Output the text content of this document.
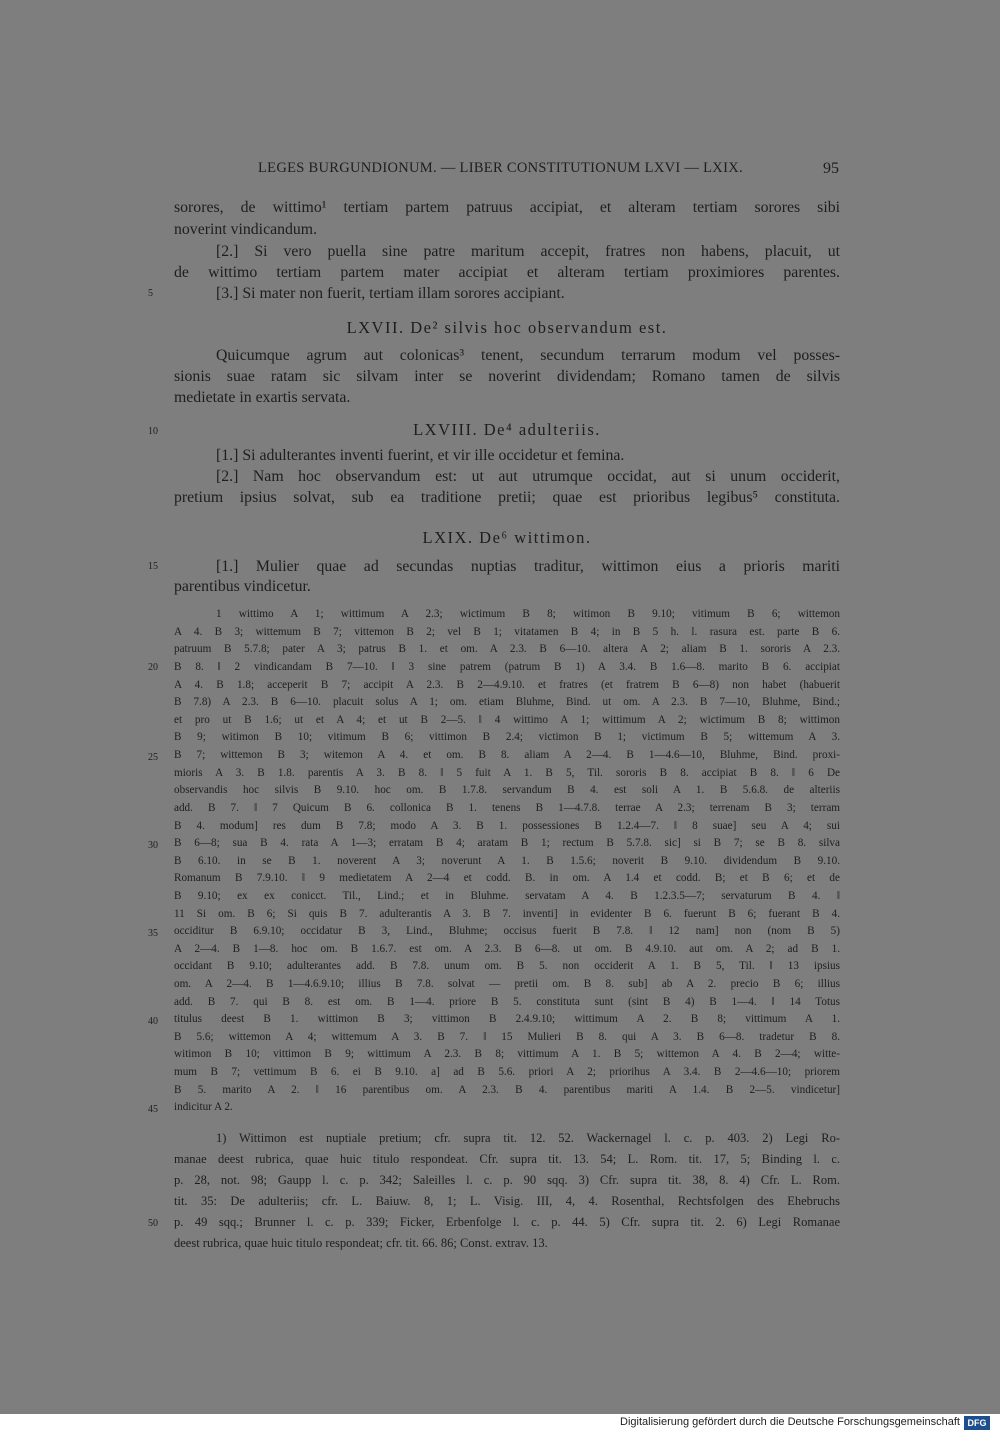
LEGES BURGUNDIONUM. — LIBER CONSTITUTIONUM LXVI — LXIX.	95
sorores, de wittimo¹ tertiam partem patruus accipiat, et alteram tertiam sorores sibi
noverint vindicandum.
[2.] Si vero puella sine patre maritum accepit, fratres non habens, placuit, ut
de wittimo tertiam partem mater accipiat et alteram tertiam proximiores parentes.
[3.] Si mater non fuerit, tertiam illam sorores accipiant.
LXVII. De² silvis hoc observandum est.
Quicumque agrum aut colonicas³ tenent, secundum terrarum modum vel posses-
sionis suae ratam sic silvam inter se noverint dividendam; Romano tamen de silvis
medietate in exartis servata.
LXVIII. De⁴ adulteriis.
[1.] Si adulterantes inventi fuerint, et vir ille occidetur et femina.
[2.] Nam hoc observandum est: ut aut utrumque occidat, aut si unum occiderit,
pretium ipsius solvat, sub ea traditione pretii; quae est prioribus legibus⁵ constituta.
LXIX. De⁶ wittimon.
[1.] Mulier quae ad secundas nuptias traditur, wittimon eius a prioris mariti
parentibus vindicetur.
5
10
15
20
25
30
35
40
45
50
1 wittimo A 1; wittimum A 2.3; wictimum B 8; witimon B 9.10; vitimum B 6; wittemon
A 4. B 3; wittemum B 7; vittemon B 2; vel B 1; vitatamen B 4; in B 5 h. l. rasura est. parte B 6.
patruum B 5.7.8; pater A 3; patrus B 1. et om. A 2.3. B 6—10. altera A 2; aliam B 1. sororis A 2.3.
B 8. ‖ 2 vindicandam B 7—10. ‖ 3 sine patrem (patrum B 1) A 3.4. B 1.6—8. marito B 6. accipiat
A 4. B 1.8; acceperit B 7; accipit A 2.3. B 2—4.9.10. et fratres (et fratrem B 6—8) non habet (habuerit
B 7.8) A 2.3. B 6—10. placuit solus A 1; om. etiam Bluhme, Bind. ut om. A 2.3. B 7—10, Bluhme, Bind.;
et pro ut B 1.6; ut et A 4; et ut B 2—5. ‖ 4 wittimo A 1; wittimum A 2; wictimum B 8; wittimon
B 9; witimon B 10; vitimum B 6; vittimon B 2.4; victimon B 1; victimum B 5; wittemum A 3.
B 7; wittemon B 3; witemon A 4. et om. B 8. aliam A 2—4. B 1—4.6—10, Bluhme, Bind. proxi-
mioris A 3. B 1.8. parentis A 3. B 8. ‖ 5 fuit A 1. B 5, Til. sororis B 8. accipiat B 8. ‖ 6 De
observandis hoc silvis B 9.10. hoc om. B 1.7.8. servandum B 4. est soli A 1. B 5.6.8. de alteriis
add. B 7. ‖ 7 Quicum B 6. collonica B 1. tenens B 1—4.7.8. terrae A 2.3; terrenam B 3; terram
B 4. modum] res dum B 7.8; modo A 3. B 1. possessiones B 1.2.4—7. ‖ 8 suae] seu A 4; sui
B 6—8; sua B 4. rata A 1—3; erratam B 4; aratam B 1; rectum B 5.7.8. sic] si B 7; se B 8. silva
B 6.10. in se B 1. noverent A 3; noverunt A 1. B 1.5.6; noverit B 9.10. dividendum B 9.10.
Romanum B 7.9.10. ‖ 9 medietatem A 2—4 et codd. B. in om. A 1.4 et codd. B; et B 6; et de
B 9.10; ex ex conicct. Til., Lind.; et in Bluhme. servatam A 4. B 1.2.3.5—7; servaturum B 4. ‖
11 Si om. B 6; Si quis B 7. adulterantis A 3. B 7. inventi] in evidenter B 6. fuerunt B 6; fuerant B 4.
occiditur B 6.9.10; occidatur B 3, Lind., Bluhme; occisus fuerit B 7.8. ‖ 12 nam] non (nom B 5)
A 2—4. B 1—8. hoc om. B 1.6.7. est om. A 2.3. B 6—8. ut om. B 4.9.10. aut om. A 2; ad B 1.
occidant B 9.10; adulterantes add. B 7.8. unum om. B 5. non occiderit A 1. B 5, Til. ‖ 13 ipsius
om. A 2—4. B 1—4.6.9.10; illius B 7.8. solvat — pretii om. B 8. sub] ab A 2. precio B 6; illius
add. B 7. qui B 8. est om. B 1—4. priore B 5. constituta sunt (sint B 4) B 1—4. ‖ 14 Totus
titulus deest B 1. wittimon B 3; vittimon B 2.4.9.10; wittimum A 2. B 8; vittimum A 1.
B 5.6; wittemon A 4; wittemum A 3. B 7. ‖ 15 Mulieri B 8. qui A 3. B 6—8. tradetur B 8.
witimon B 10; vittimon B 9; wittimum A 2.3. B 8; vittimum A 1. B 5; wittemon A 4. B 2—4; witte-
mum B 7; vettimum B 6. ei B 9.10. a] ad B 5.6. priori A 2; priorihus A 3.4. B 2—4.6—10; priorem
B 5. marito A 2. ‖ 16 parentibus om. A 2.3. B 4. parentibus mariti A 1.4. B 2—5. vindicetur]
indicitur A 2.
1) Wittimon est nuptiale pretium; cfr. supra tit. 12. 52. Wackernagel l. c. p. 403. 2) Legi Ro-
manae deest rubrica, quae huic titulo respondeat. Cfr. supra tit. 13. 54; L. Rom. tit. 17, 5; Binding l. c.
p. 28, not. 98; Gaupp l. c. p. 342; Saleilles l. c. p. 90 sqq. 3) Cfr. supra tit. 38, 8. 4) Cfr. L. Rom.
tit. 35: De adulteriis; cfr. L. Baiuw. 8, 1; L. Visig. III, 4, 4. Rosenthal, Rechtsfolgen des Ehebruchs
p. 49 sqq.; Brunner l. c. p. 339; Ficker, Erbenfolge l. c. p. 44. 5) Cfr. supra tit. 2. 6) Legi Romanae
deest rubrica, quae huic titulo respondeat; cfr. tit. 66. 86; Const. extrav. 13.
Digitalisierung gefördert durch die Deutsche Forschungsgemeinschaft DFG
